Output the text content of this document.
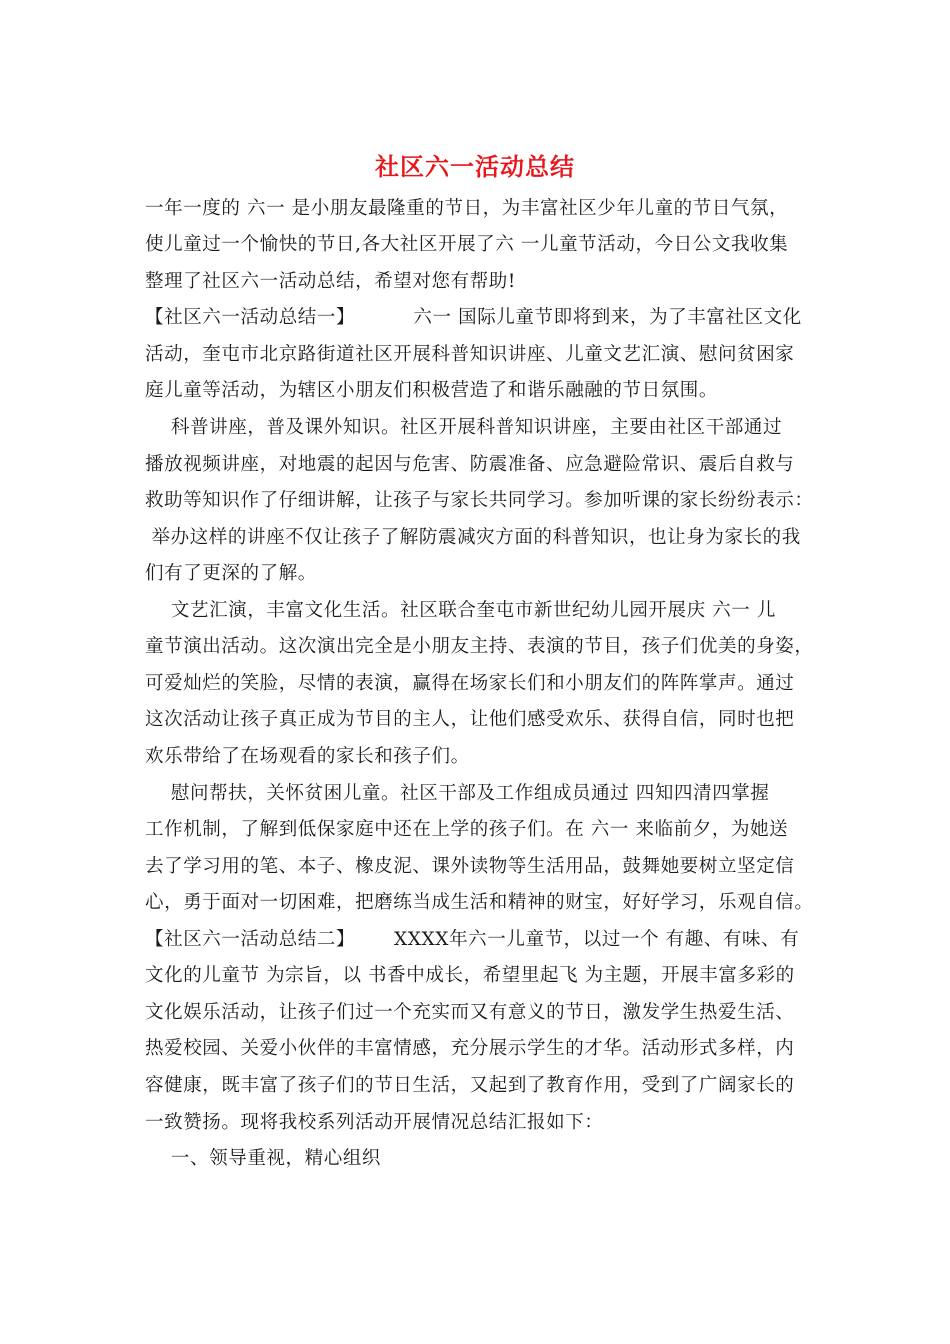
社区六一活动总结
一年一度的 六一 是小朋友最隆重的节日，为丰富社区少年儿童的节日气氛，
使儿童过一个愉快的节日,各大社区开展了六 一儿童节活动，今日公文我收集
整理了社区六一活动总结，希望对您有帮助!
【社区六一活动总结一】         六一 国际儿童节即将到来，为了丰富社区文化
活动，奎屯市北京路街道社区开展科普知识讲座、儿童文艺汇演、慰问贫困家
庭儿童等活动，为辖区小朋友们积极营造了和谐乐融融的节日氛围。
科普讲座，普及课外知识。社区开展科普知识讲座，主要由社区干部通过
播放视频讲座，对地震的起因与危害、防震准备、应急避险常识、震后自救与
救助等知识作了仔细讲解，让孩子与家长共同学习。参加听课的家长纷纷表示：
举办这样的讲座不仅让孩子了解防震减灾方面的科普知识，也让身为家长的我
们有了更深的了解。
文艺汇演，丰富文化生活。社区联合奎屯市新世纪幼儿园开展庆 六一 儿
童节演出活动。这次演出完全是小朋友主持、表演的节目，孩子们优美的身姿，
可爱灿烂的笑脸，尽情的表演，赢得在场家长们和小朋友们的阵阵掌声。通过
这次活动让孩子真正成为节目的主人，让他们感受欢乐、获得自信，同时也把
欢乐带给了在场观看的家长和孩子们。
慰问帮扶，关怀贫困儿童。社区干部及工作组成员通过 四知四清四掌握
工作机制，了解到低保家庭中还在上学的孩子们。在 六一 来临前夕，为她送
去了学习用的笔、本子、橡皮泥、课外读物等生活用品，鼓舞她要树立坚定信
心，勇于面对一切困难，把磨练当成生活和精神的财宝，好好学习，乐观自信。
【社区六一活动总结二】      XXXX年六一儿童节，以过一个 有趣、有味、有
文化的儿童节 为宗旨，以 书香中成长，希望里起飞 为主题，开展丰富多彩的
文化娱乐活动，让孩子们过一个充实而又有意义的节日，激发学生热爱生活、
热爱校园、关爱小伙伴的丰富情感，充分展示学生的才华。活动形式多样，内
容健康，既丰富了孩子们的节日生活，又起到了教育作用，受到了广阔家长的
一致赞扬。现将我校系列活动开展情况总结汇报如下：
一、领导重视，精心组织
